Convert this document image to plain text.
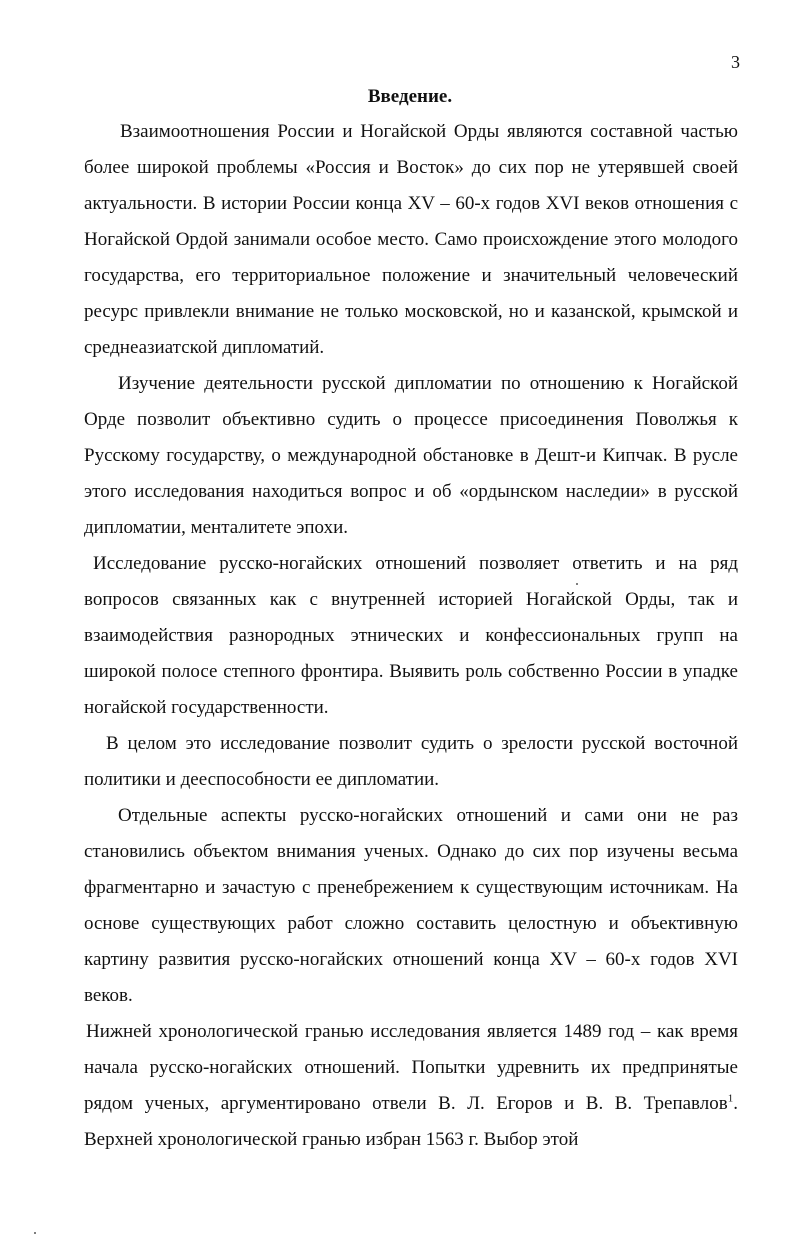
3
Введение.

Взаимоотношения России и Ногайской Орды являются составной частью более широкой проблемы «Россия и Восток» до сих пор не утерявшей своей актуальности. В истории России конца XV – 60-х годов XVI веков отношения с Ногайской Ордой занимали особое место. Само происхождение этого молодого государства, его территориальное положение и значительный человеческий ресурс привлекли внимание не только московской, но и казанской, крымской и среднеазиатской дипломатий.

Изучение деятельности русской дипломатии по отношению к Ногайской Орде позволит объективно судить о процессе присоединения Поволжья к Русскому государству, о международной обстановке в Дешт-и Кипчак. В русле этого исследования находиться вопрос и об «ордынском наследии» в русской дипломатии, менталитете эпохи.

Исследование русско-ногайских отношений позволяет ответить и на ряд вопросов связанных как с внутренней историей Ногайской Орды, так и взаимодействия разнородных этнических и конфессиональных групп на широкой полосе степного фронтира. Выявить роль собственно России в упадке ногайской государственности.

В целом это исследование позволит судить о зрелости русской восточной политики и дееспособности ее дипломатии.

Отдельные аспекты русско-ногайских отношений и сами они не раз становились объектом внимания ученых. Однако до сих пор изучены весьма фрагментарно и зачастую с пренебрежением к существующим источникам. На основе существующих работ сложно составить целостную и объективную картину развития русско-ногайских отношений конца XV – 60-х годов XVI веков.

Нижней хронологической гранью исследования является 1489 год – как время начала русско-ногайских отношений. Попытки удревнить их предпринятые рядом ученых, аргументировано отвели В. Л. Егоров и В. В. Трепавлов$^1$. Верхней хронологической гранью избран 1563 г. Выбор этой
